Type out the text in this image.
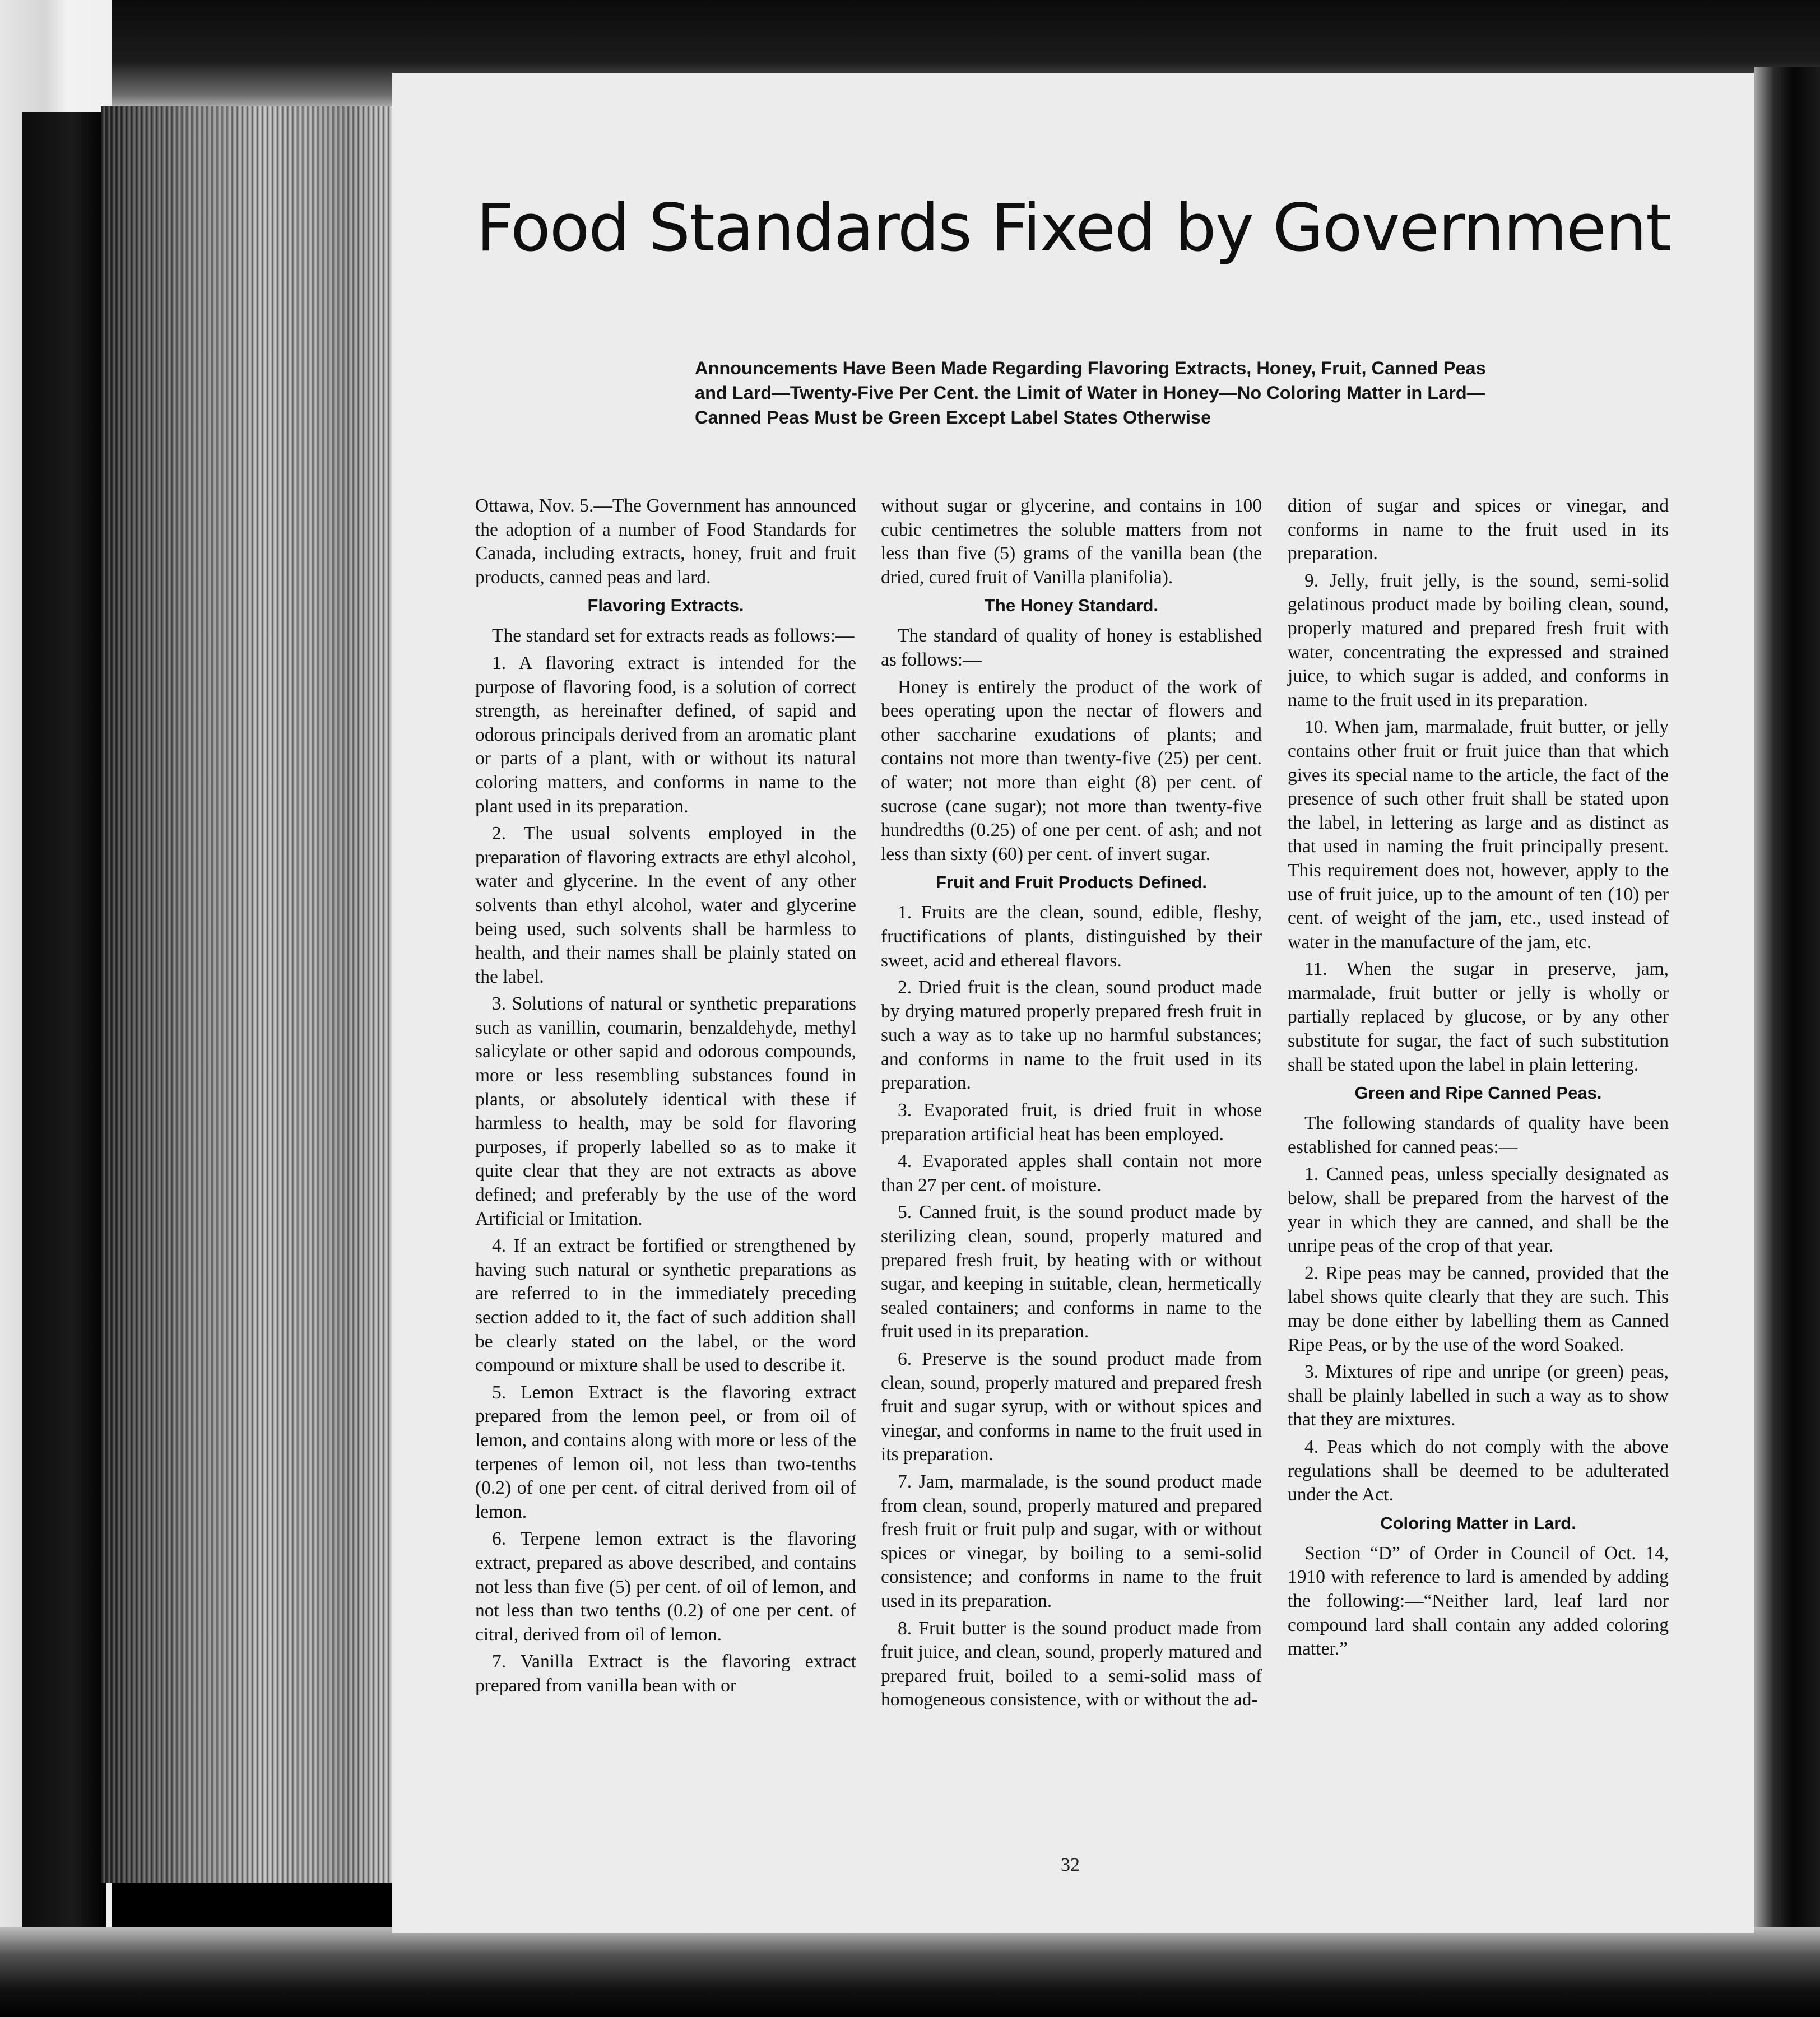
Food Standards Fixed by Government

Announcements Have Been Made Regarding Flavoring Extracts, Honey, Fruit, Canned Peas and Lard—Twenty-Five Per Cent. the Limit of Water in Honey—No Coloring Matter in Lard—Canned Peas Must be Green Except Label States Otherwise

Ottawa, Nov. 5.—The Government has announced the adoption of a number of Food Standards for Canada, including extracts, honey, fruit and fruit products, canned peas and lard.

Flavoring Extracts.

The standard set for extracts reads as follows:—

1. A flavoring extract is intended for the purpose of flavoring food, is a solution of correct strength, as hereinafter defined, of sapid and odorous principals derived from an aromatic plant or parts of a plant, with or without its natural coloring matters, and conforms in name to the plant used in its preparation.

2. The usual solvents employed in the preparation of flavoring extracts are ethyl alcohol, water and glycerine. In the event of any other solvents than ethyl alcohol, water and glycerine being used, such solvents shall be harmless to health, and their names shall be plainly stated on the label.

3. Solutions of natural or synthetic preparations such as vanillin, coumarin, benzaldehyde, methyl salicylate or other sapid and odorous compounds, more or less resembling substances found in plants, or absolutely identical with these if harmless to health, may be sold for flavoring purposes, if properly labelled so as to make it quite clear that they are not extracts as above defined; and preferably by the use of the word Artificial or Imitation.

4. If an extract be fortified or strengthened by having such natural or synthetic preparations as are referred to in the immediately preceding section added to it, the fact of such addition shall be clearly stated on the label, or the word compound or mixture shall be used to describe it.

5. Lemon Extract is the flavoring extract prepared from the lemon peel, or from oil of lemon, and contains along with more or less of the terpenes of lemon oil, not less than two-tenths (0.2) of one per cent. of citral derived from oil of lemon.

6. Terpene lemon extract is the flavoring extract, prepared as above described, and contains not less than five (5) per cent. of oil of lemon, and not less than two tenths (0.2) of one per cent. of citral, derived from oil of lemon.

7. Vanilla Extract is the flavoring extract prepared from vanilla bean with or

without sugar or glycerine, and contains in 100 cubic centimetres the soluble matters from not less than five (5) grams of the vanilla bean (the dried, cured fruit of Vanilla planifolia).

The Honey Standard.

The standard of quality of honey is established as follows:—

Honey is entirely the product of the work of bees operating upon the nectar of flowers and other saccharine exudations of plants; and contains not more than twenty-five (25) per cent. of water; not more than eight (8) per cent. of sucrose (cane sugar); not more than twenty-five hundredths (0.25) of one per cent. of ash; and not less than sixty (60) per cent. of invert sugar.

Fruit and Fruit Products Defined.

1. Fruits are the clean, sound, edible, fleshy, fructifications of plants, distinguished by their sweet, acid and ethereal flavors.

2. Dried fruit is the clean, sound product made by drying matured properly prepared fresh fruit in such a way as to take up no harmful substances; and conforms in name to the fruit used in its preparation.

3. Evaporated fruit, is dried fruit in whose preparation artificial heat has been employed.

4. Evaporated apples shall contain not more than 27 per cent. of moisture.

5. Canned fruit, is the sound product made by sterilizing clean, sound, properly matured and prepared fresh fruit, by heating with or without sugar, and keeping in suitable, clean, hermetically sealed containers; and conforms in name to the fruit used in its preparation.

6. Preserve is the sound product made from clean, sound, properly matured and prepared fresh fruit and sugar syrup, with or without spices and vinegar, and conforms in name to the fruit used in its preparation.

7. Jam, marmalade, is the sound product made from clean, sound, properly matured and prepared fresh fruit or fruit pulp and sugar, with or without spices or vinegar, by boiling to a semi-solid consistence; and conforms in name to the fruit used in its preparation.

8. Fruit butter is the sound product made from fruit juice, and clean, sound, properly matured and prepared fruit, boiled to a semi-solid mass of homogeneous consistence, with or without the ad-

dition of sugar and spices or vinegar, and conforms in name to the fruit used in its preparation.

9. Jelly, fruit jelly, is the sound, semi-solid gelatinous product made by boiling clean, sound, properly matured and prepared fresh fruit with water, concentrating the expressed and strained juice, to which sugar is added, and conforms in name to the fruit used in its preparation.

10. When jam, marmalade, fruit butter, or jelly contains other fruit or fruit juice than that which gives its special name to the article, the fact of the presence of such other fruit shall be stated upon the label, in lettering as large and as distinct as that used in naming the fruit principally present. This requirement does not, however, apply to the use of fruit juice, up to the amount of ten (10) per cent. of weight of the jam, etc., used instead of water in the manufacture of the jam, etc.

11. When the sugar in preserve, jam, marmalade, fruit butter or jelly is wholly or partially replaced by glucose, or by any other substitute for sugar, the fact of such substitution shall be stated upon the label in plain lettering.

Green and Ripe Canned Peas.

The following standards of quality have been established for canned peas:—

1. Canned peas, unless specially designated as below, shall be prepared from the harvest of the year in which they are canned, and shall be the unripe peas of the crop of that year.

2. Ripe peas may be canned, provided that the label shows quite clearly that they are such. This may be done either by labelling them as Canned Ripe Peas, or by the use of the word Soaked.

3. Mixtures of ripe and unripe (or green) peas, shall be plainly labelled in such a way as to show that they are mixtures.

4. Peas which do not comply with the above regulations shall be deemed to be adulterated under the Act.

Coloring Matter in Lard.

Section “D” of Order in Council of Oct. 14, 1910 with reference to lard is amended by adding the following:—“Neither lard, leaf lard nor compound lard shall contain any added coloring matter.”

32
